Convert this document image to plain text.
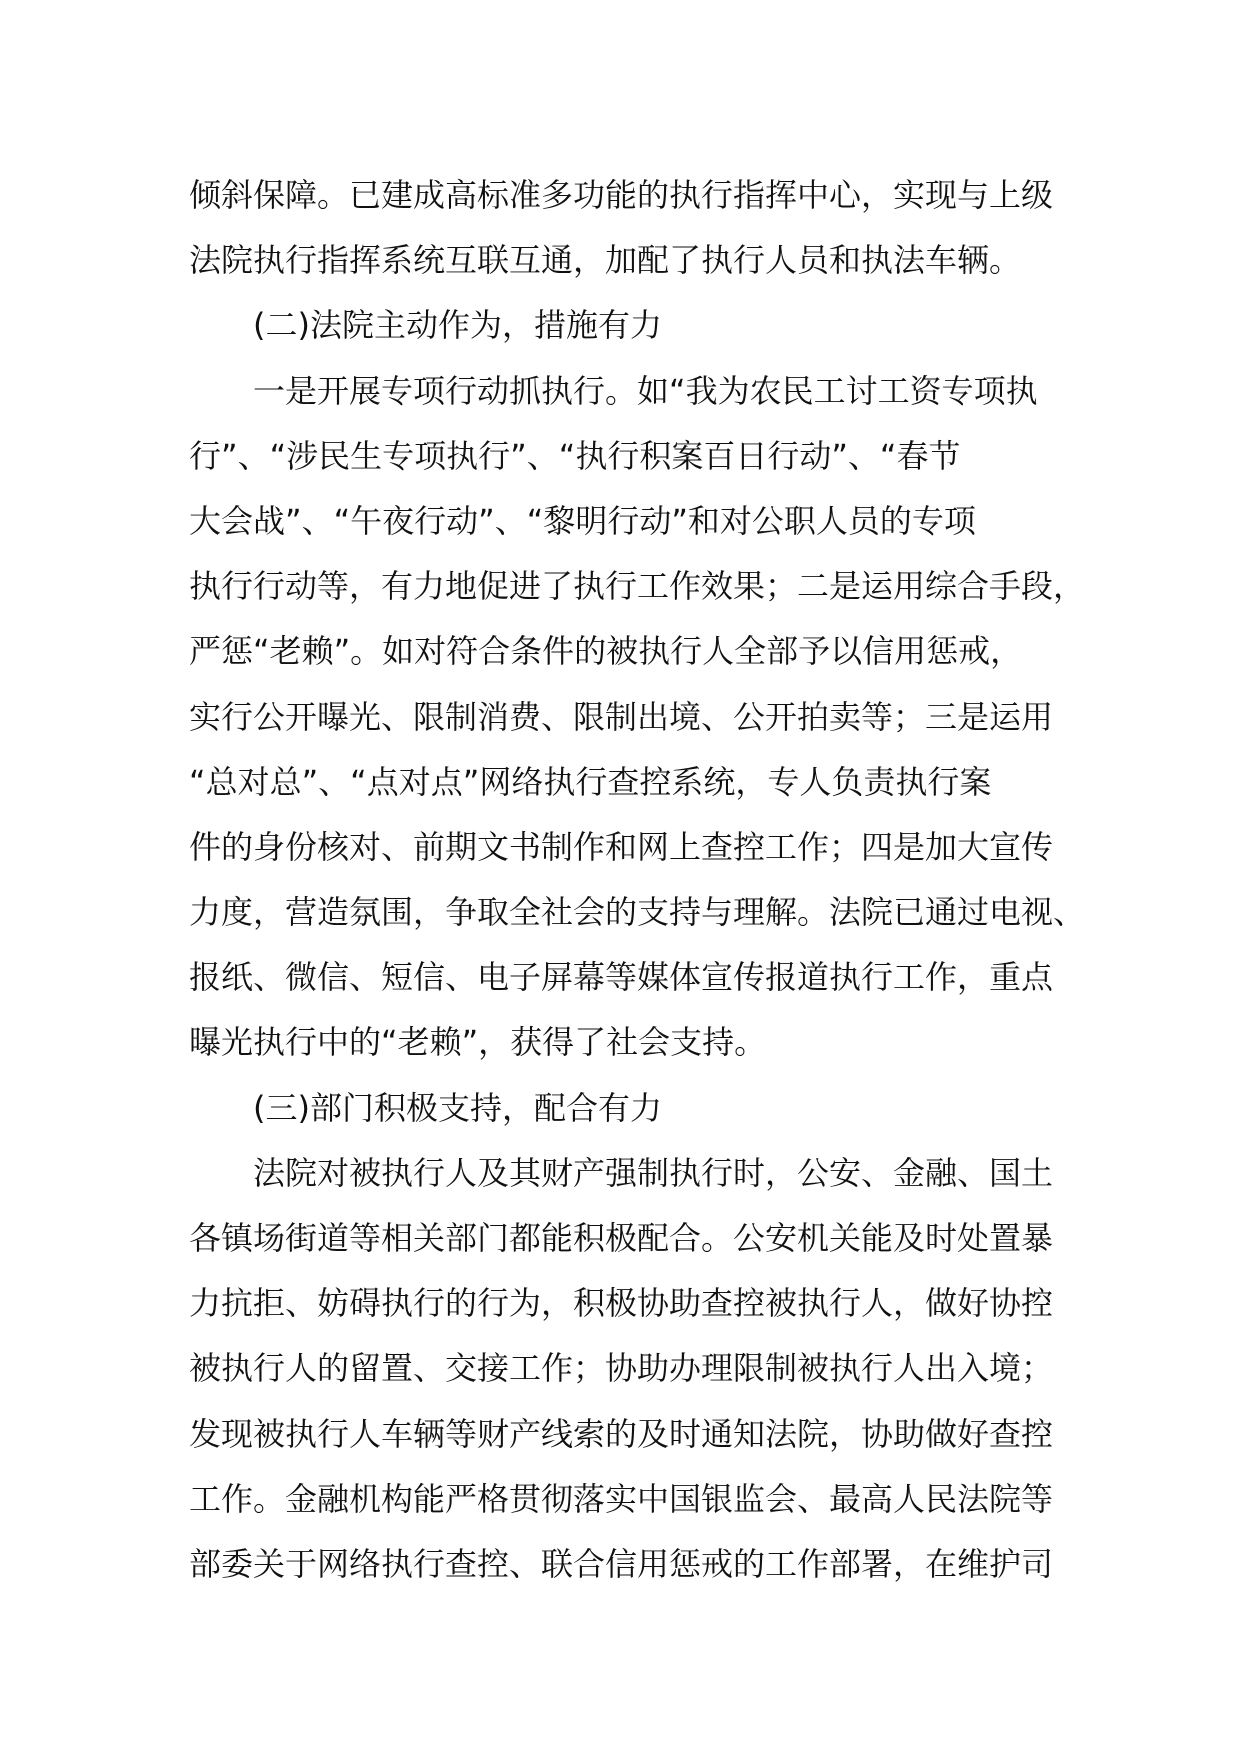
倾斜保障。已建成高标准多功能的执行指挥中心，实现与上级
法院执行指挥系统互联互通，加配了执行人员和执法车辆。
(二)法院主动作为，措施有力
一是开展专项行动抓执行。如“我为农民工讨工资专项执
行”、“涉民生专项执行”、“执行积案百日行动”、“春节
大会战”、“午夜行动”、“黎明行动”和对公职人员的专项
执行行动等，有力地促进了执行工作效果；二是运用综合手段，
严惩“老赖”。如对符合条件的被执行人全部予以信用惩戒，
实行公开曝光、限制消费、限制出境、公开拍卖等；三是运用
“总对总”、“点对点”网络执行查控系统，专人负责执行案
件的身份核对、前期文书制作和网上查控工作；四是加大宣传
力度，营造氛围，争取全社会的支持与理解。法院已通过电视、
报纸、微信、短信、电子屏幕等媒体宣传报道执行工作，重点
曝光执行中的“老赖”，获得了社会支持。
(三)部门积极支持，配合有力
法院对被执行人及其财产强制执行时，公安、金融、国土
各镇场街道等相关部门都能积极配合。公安机关能及时处置暴
力抗拒、妨碍执行的行为，积极协助查控被执行人，做好协控
被执行人的留置、交接工作；协助办理限制被执行人出入境；
发现被执行人车辆等财产线索的及时通知法院，协助做好查控
工作。金融机构能严格贯彻落实中国银监会、最高人民法院等
部委关于网络执行查控、联合信用惩戒的工作部署，在维护司
